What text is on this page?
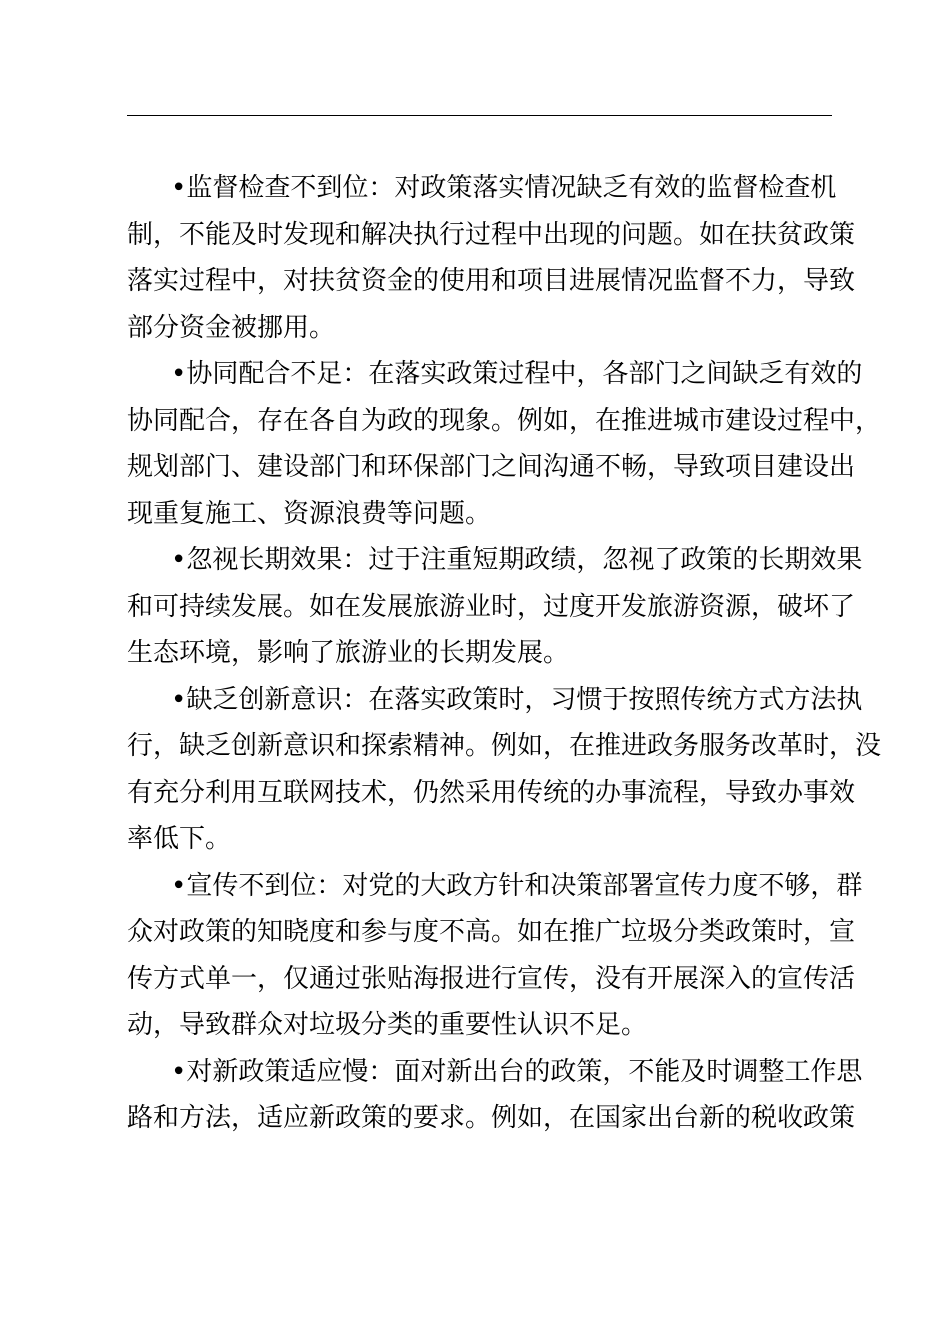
•监督检查不到位：对政策落实情况缺乏有效的监督检查机
制，不能及时发现和解决执行过程中出现的问题。如在扶贫政策
落实过程中，对扶贫资金的使用和项目进展情况监督不力，导致
部分资金被挪用。
•协同配合不足：在落实政策过程中，各部门之间缺乏有效的
协同配合，存在各自为政的现象。例如，在推进城市建设过程中，
规划部门、建设部门和环保部门之间沟通不畅，导致项目建设出
现重复施工、资源浪费等问题。
•忽视长期效果：过于注重短期政绩，忽视了政策的长期效果
和可持续发展。如在发展旅游业时，过度开发旅游资源，破坏了
生态环境，影响了旅游业的长期发展。
•缺乏创新意识：在落实政策时，习惯于按照传统方式方法执
行，缺乏创新意识和探索精神。例如，在推进政务服务改革时，没
有充分利用互联网技术，仍然采用传统的办事流程，导致办事效
率低下。
•宣传不到位：对党的大政方针和决策部署宣传力度不够，群
众对政策的知晓度和参与度不高。如在推广垃圾分类政策时，宣
传方式单一，仅通过张贴海报进行宣传，没有开展深入的宣传活
动，导致群众对垃圾分类的重要性认识不足。
•对新政策适应慢：面对新出台的政策，不能及时调整工作思
路和方法，适应新政策的要求。例如，在国家出台新的税收政策
